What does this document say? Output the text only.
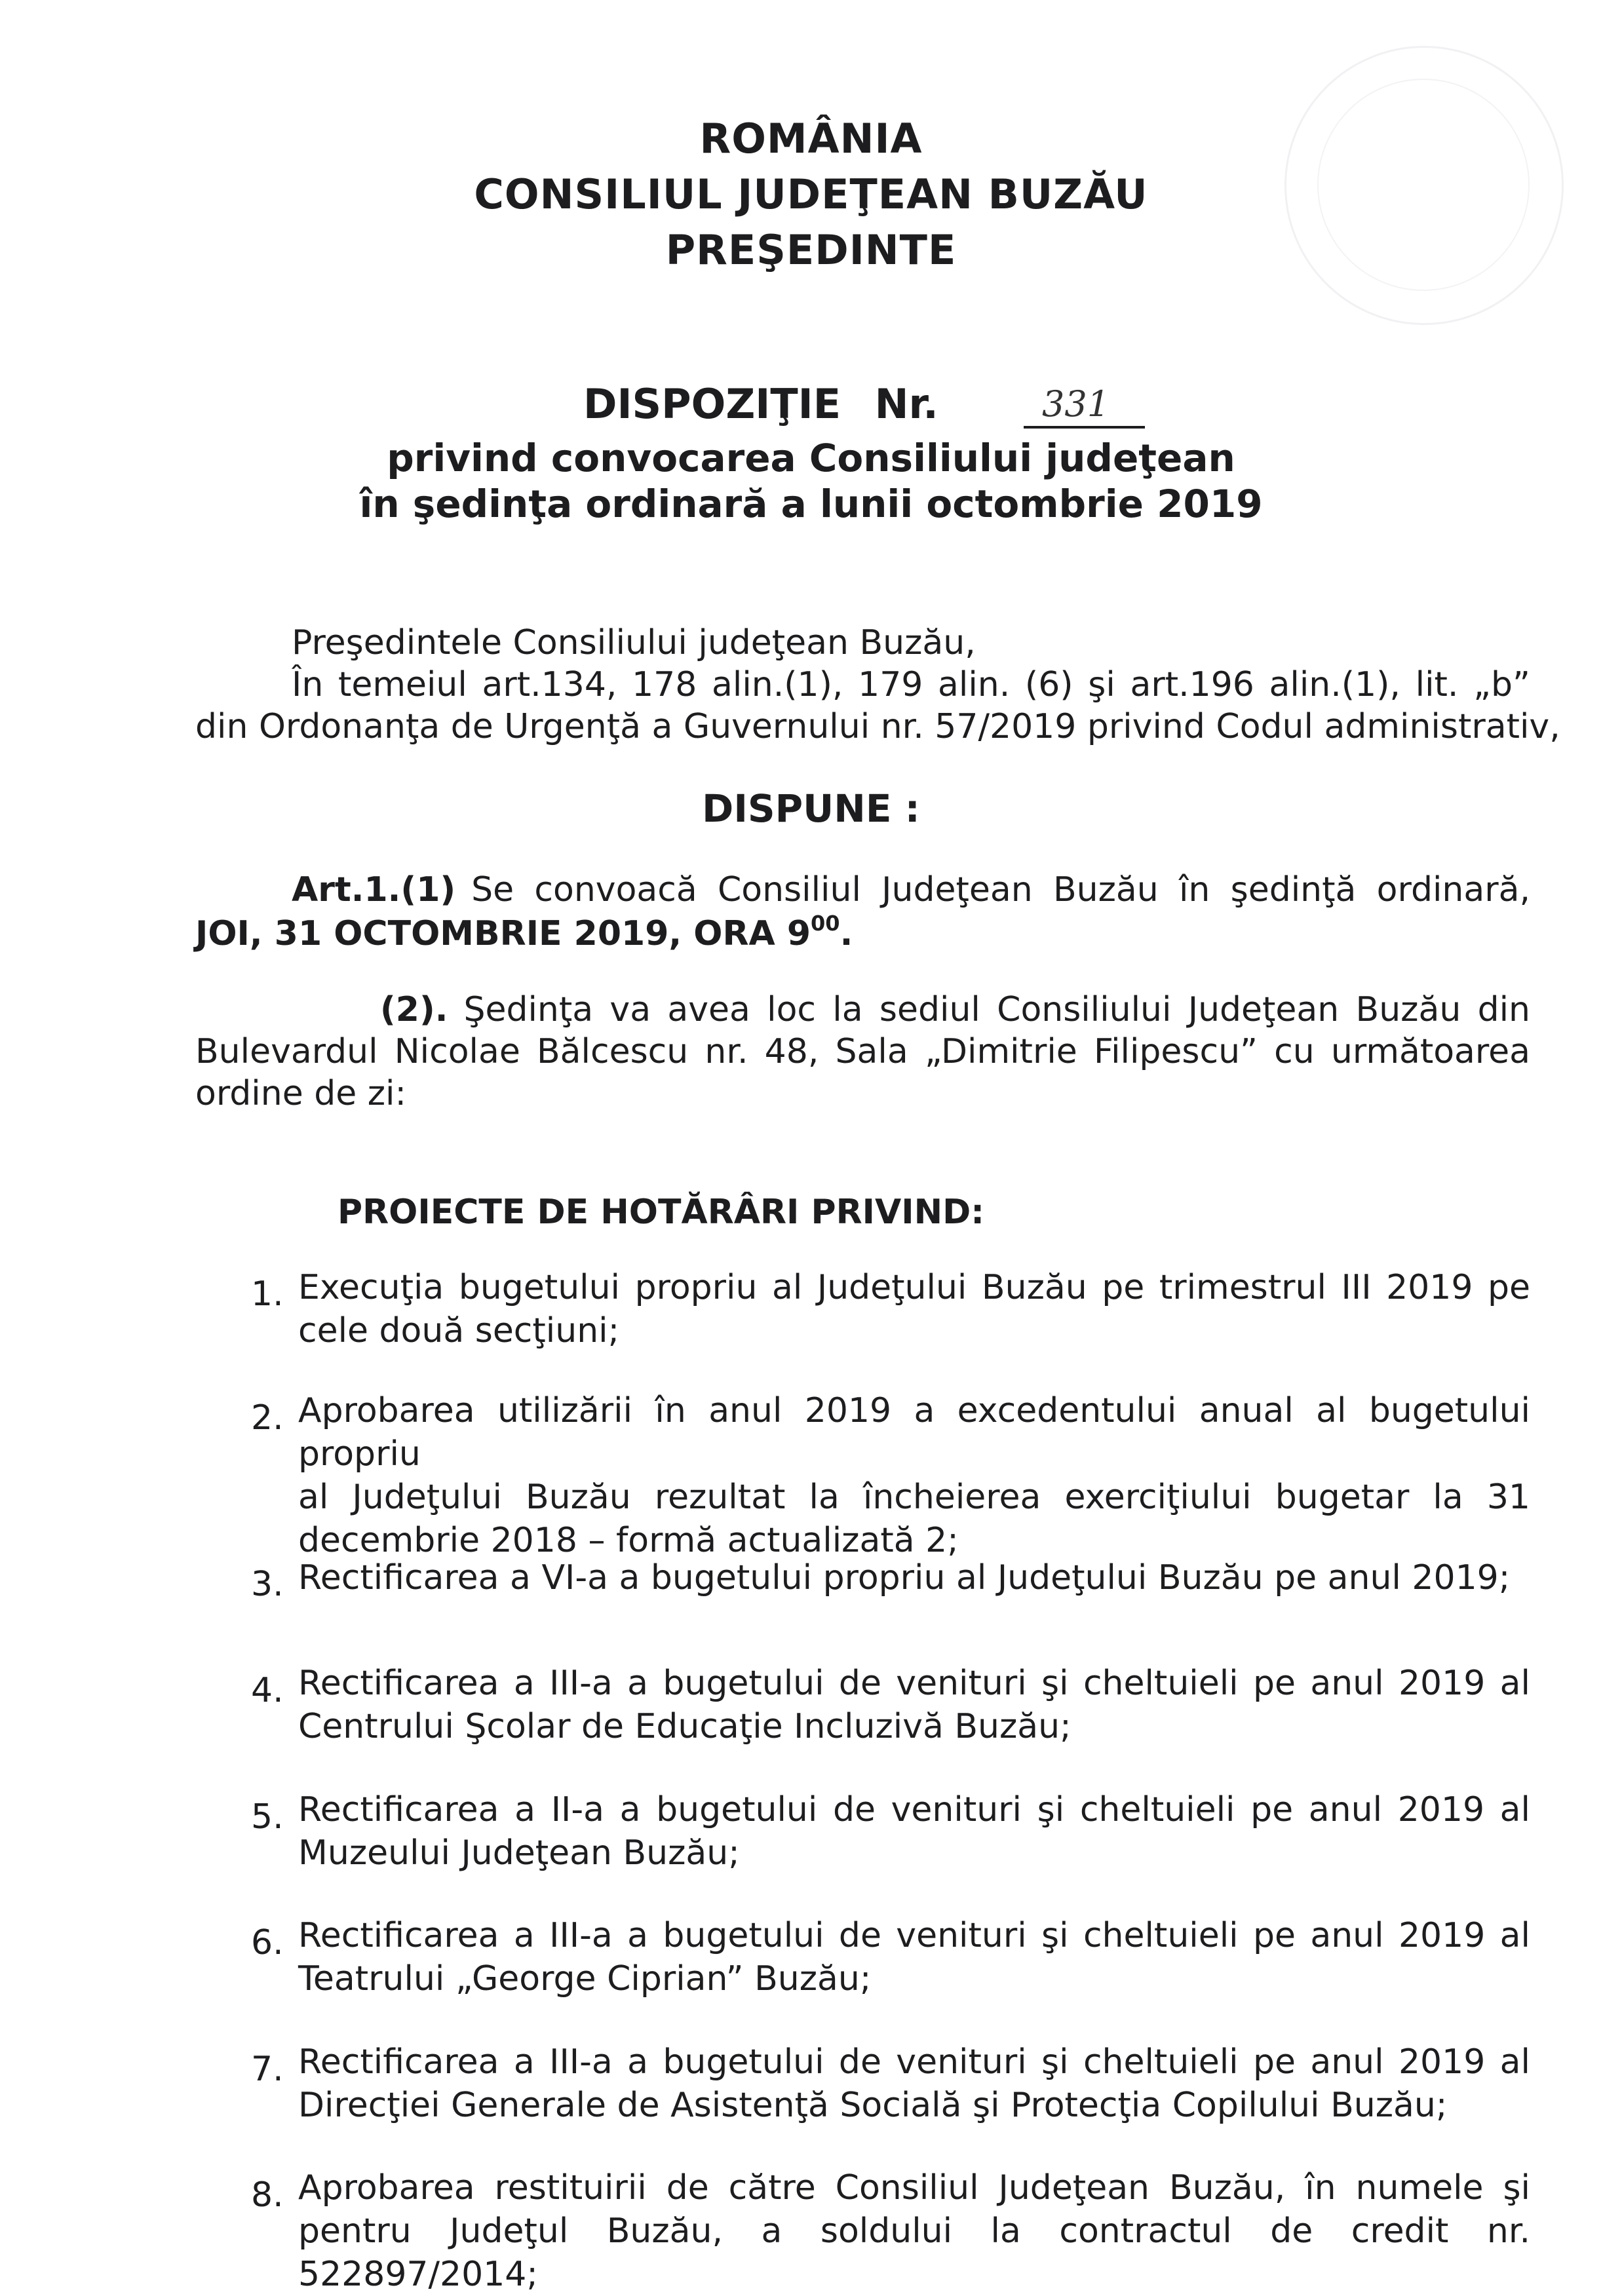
ROMÂNIA
CONSILIUL JUDEŢEAN BUZĂU
PREŞEDINTE
DISPOZIŢIE Nr.	331
privind convocarea Consiliului judeţean
în şedinţa ordinară a lunii octombrie 2019
Preşedintele Consiliului judeţean Buzău,
În temeiul art.134, 178 alin.(1), 179 alin. (6) şi art.196 alin.(1), lit. „b”
din Ordonanţa de Urgenţă a Guvernului nr. 57/2019 privind Codul administrativ,
DISPUNE :
Art.1.(1) Se convoacă Consiliul Judeţean Buzău în şedinţă ordinară,
JOI, 31 OCTOMBRIE 2019, ORA $9^{00}$.
(2). Şedinţa va avea loc la sediul Consiliului Judeţean Buzău din
Bulevardul Nicolae Bălcescu nr. 48, Sala „Dimitrie Filipescu” cu următoarea
ordine de zi:
PROIECTE DE HOTĂRÂRI PRIVIND:
1. Execuţia bugetului propriu al Judeţului Buzău pe trimestrul III 2019 pe
cele două secţiuni;
2. Aprobarea utilizării în anul 2019 a excedentului anual al bugetului propriu
al Judeţului Buzău rezultat la încheierea exerciţiului bugetar la 31
decembrie 2018 – formă actualizată 2;
3. Rectificarea a VI-a a bugetului propriu al Judeţului Buzău pe anul 2019;
4. Rectificarea a III-a a bugetului de venituri şi cheltuieli pe anul 2019 al
Centrului Şcolar de Educaţie Incluzivă Buzău;
5. Rectificarea a II-a a bugetului de venituri şi cheltuieli pe anul 2019 al
Muzeului Judeţean Buzău;
6. Rectificarea a III-a a bugetului de venituri şi cheltuieli pe anul 2019 al
Teatrului „George Ciprian” Buzău;
7. Rectificarea a III-a a bugetului de venituri şi cheltuieli pe anul 2019 al
Direcţiei Generale de Asistenţă Socială şi Protecţia Copilului Buzău;
8. Aprobarea restituirii de către Consiliul Judeţean Buzău, în numele şi
pentru Judeţul Buzău, a soldului la contractul de credit nr. 522897/2014;
